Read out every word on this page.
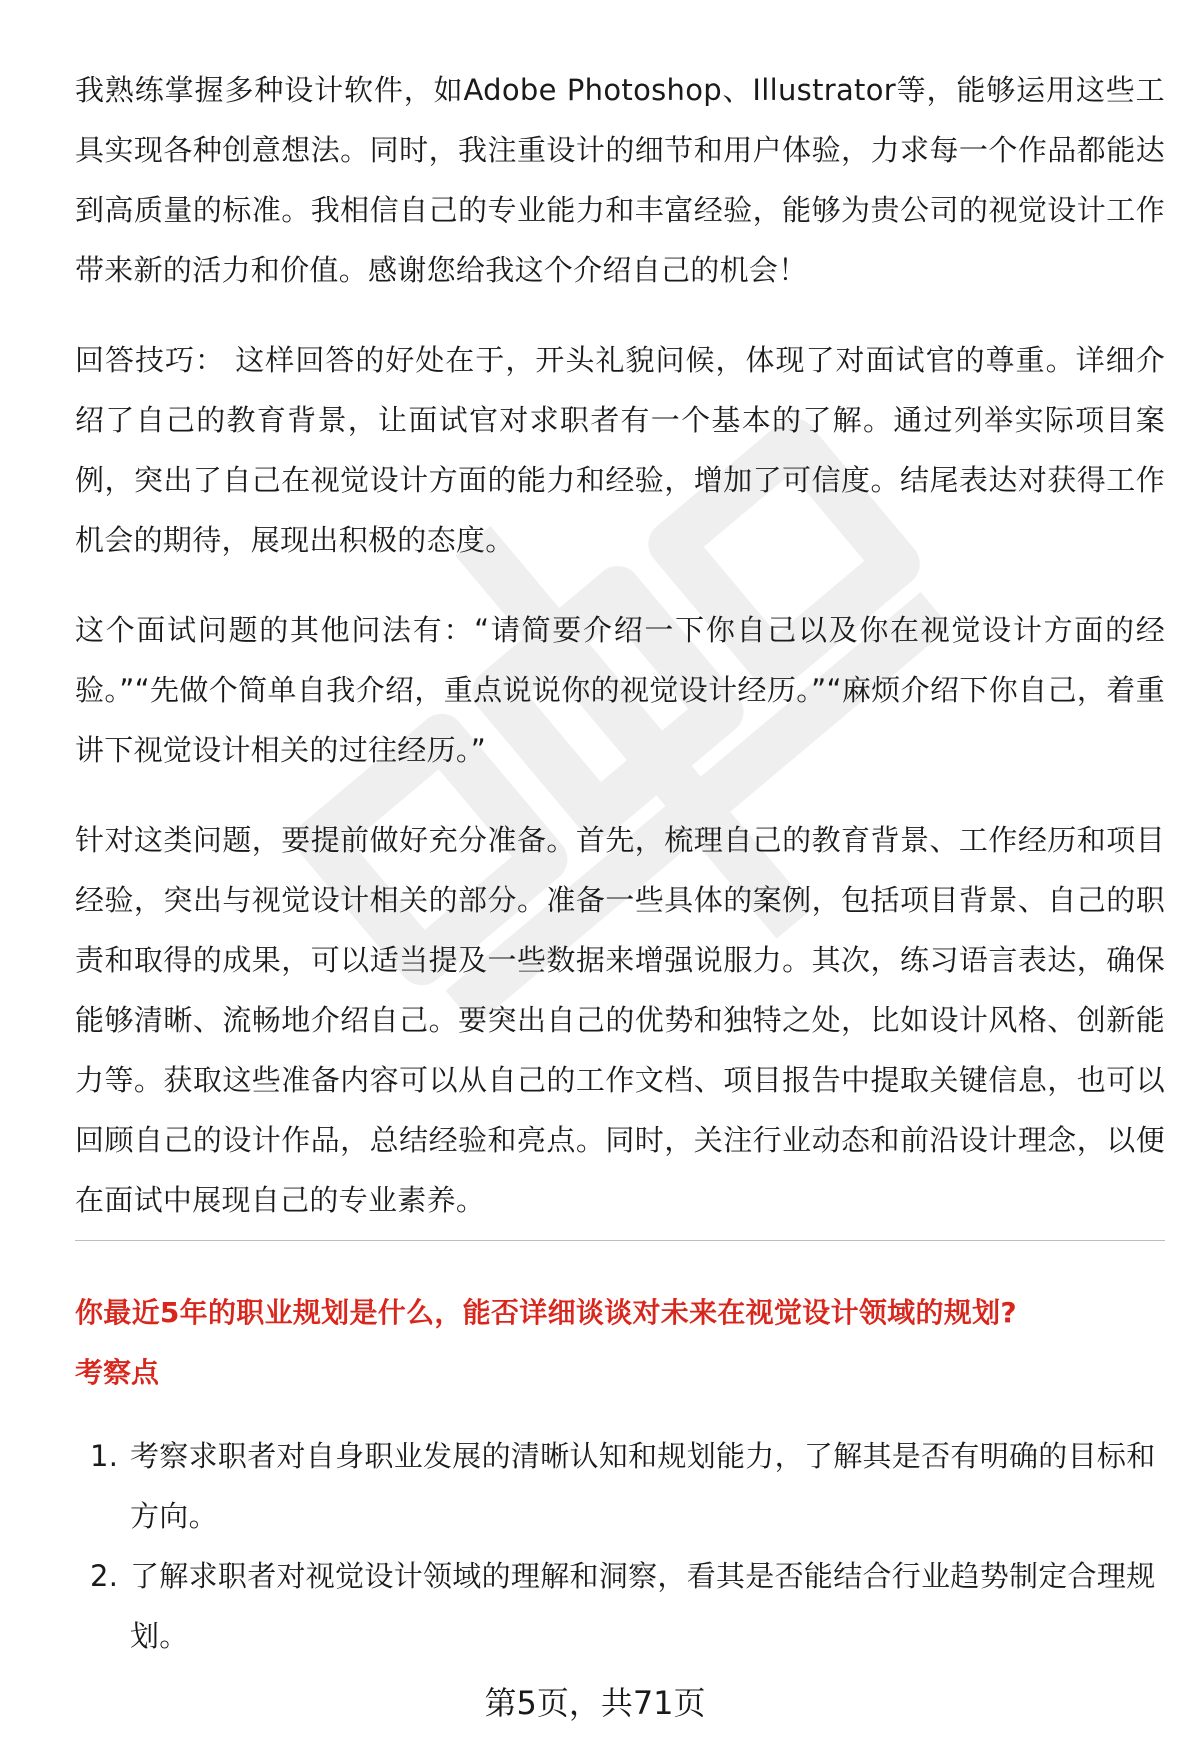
我熟练掌握多种设计软件，如Adobe Photoshop、Illustrator等，能够运用这些工具实现各种创意想法。同时，我注重设计的细节和用户体验，力求每一个作品都能达到高质量的标准。我相信自己的专业能力和丰富经验，能够为贵公司的视觉设计工作带来新的活力和价值。感谢您给我这个介绍自己的机会！

回答技巧： 这样回答的好处在于，开头礼貌问候，体现了对面试官的尊重。详细介绍了自己的教育背景，让面试官对求职者有一个基本的了解。通过列举实际项目案例，突出了自己在视觉设计方面的能力和经验，增加了可信度。结尾表达对获得工作机会的期待，展现出积极的态度。

这个面试问题的其他问法有：“请简要介绍一下你自己以及你在视觉设计方面的经验。”“先做个简单自我介绍，重点说说你的视觉设计经历。”“麻烦介绍下你自己，着重讲下视觉设计相关的过往经历。”

针对这类问题，要提前做好充分准备。首先，梳理自己的教育背景、工作经历和项目经验，突出与视觉设计相关的部分。准备一些具体的案例，包括项目背景、自己的职责和取得的成果，可以适当提及一些数据来增强说服力。其次，练习语言表达，确保能够清晰、流畅地介绍自己。要突出自己的优势和独特之处，比如设计风格、创新能力等。获取这些准备内容可以从自己的工作文档、项目报告中提取关键信息，也可以回顾自己的设计作品，总结经验和亮点。同时，关注行业动态和前沿设计理念，以便在面试中展现自己的专业素养。

你最近5年的职业规划是什么，能否详细谈谈对未来在视觉设计领域的规划?
考察点
1. 考察求职者对自身职业发展的清晰认知和规划能力，了解其是否有明确的目标和方向。
2. 了解求职者对视觉设计领域的理解和洞察，看其是否能结合行业趋势制定合理规划。
第5页，共71页
